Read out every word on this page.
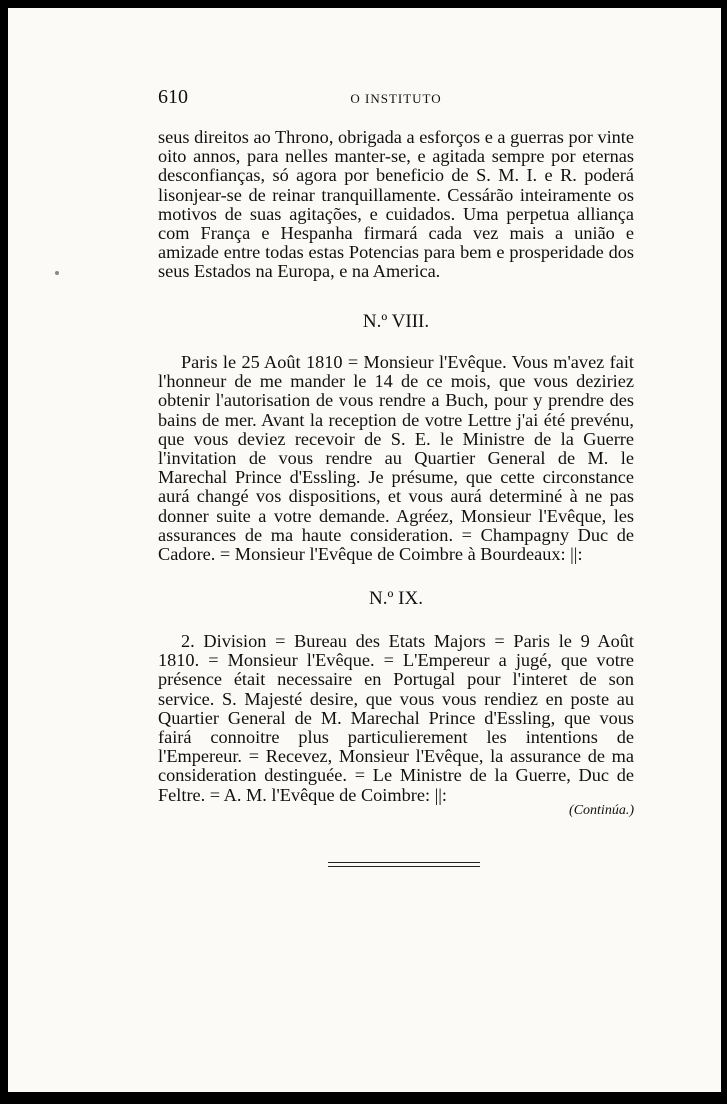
610	O INSTITUTO

seus direitos ao Throno, obrigada a esforços e a guerras por vinte oito annos, para nelles manter-se, e agitada sempre por eternas desconfianças, só agora por beneficio de S. M. I. e R. poderá lisonjear-se de reinar tranquillamente. Cessárão inteiramente os motivos de suas agitações, e cuidados. Uma perpetua alliança com França e Hespanha firmará cada vez mais a união e amizade entre todas estas Potencias para bem e prosperidade dos seus Estados na Europa, e na America.

N.º VIII.

Paris le 25 Août 1810 = Monsieur l'Evêque. Vous m'avez fait l'honneur de me mander le 14 de ce mois, que vous deziriez obtenir l'autorisation de vous rendre a Buch, pour y prendre des bains de mer. Avant la reception de votre Lettre j'ai été prevénu, que vous deviez recevoir de S. E. le Ministre de la Guerre l'invitation de vous rendre au Quartier General de M. le Marechal Prince d'Essling. Je présume, que cette circonstance aurá changé vos dispositions, et vous aurá determiné à ne pas donner suite a votre demande. Agréez, Monsieur l'Evêque, les assurances de ma haute consideration. = Champagny Duc de Cadore. = Monsieur l'Evêque de Coimbre à Bourdeaux: ||:

N.º IX.

2. Division = Bureau des Etats Majors = Paris le 9 Août 1810. = Monsieur l'Evêque. = L'Empereur a jugé, que votre présence était necessaire en Portugal pour l'interet de son service. S. Majesté desire, que vous vous rendiez en poste au Quartier General de M. Marechal Prince d'Essling, que vous fairá connoitre plus particulierement les intentions de l'Empereur. = Recevez, Monsieur l'Evêque, la assurance de ma consideration destinguée. = Le Ministre de la Guerre, Duc de Feltre. = A. M. l'Evêque de Coimbre: ||:

(Continúa.)
